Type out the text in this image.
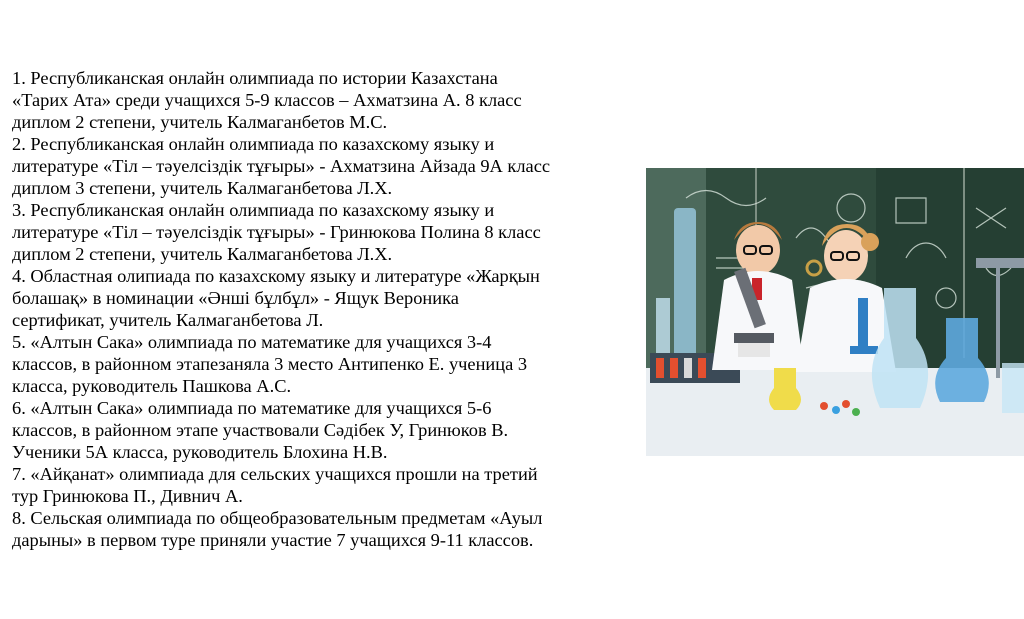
1. Республиканская онлайн олимпиада по истории Казахстана
«Тарих Ата» среди учащихся 5-9 классов – Ахматзина А. 8 класс
диплом 2 степени, учитель Калмаганбетов М.С.
2. Республиканская онлайн олимпиада по казахскому языку и
литературе «Тіл – тәуелсіздік тұғыры» - Ахматзина Айзада 9А класс
диплом 3 степени, учитель Калмаганбетова Л.Х.
3. Республиканская онлайн олимпиада по казахскому языку и
литературе «Тіл – тәуелсіздік тұғыры» - Гринюкова Полина 8 класс
диплом 2 степени, учитель Калмаганбетова Л.Х.
4. Областная олипиада по казахскому языку и литературе «Жарқын
болашақ» в номинации «Әнші бұлбұл» - Ящук Вероника
сертификат, учитель Калмаганбетова Л.
5. «Алтын Сака» олимпиада по математике для учащихся 3-4
классов, в районном этапезаняла 3 место Антипенко Е. ученица 3
класса, руководитель Пашкова А.С.
6. «Алтын Сака» олимпиада по математике для учащихся 5-6
классов, в районном этапе участвовали Сәдібек У, Гринюков В.
Ученики 5А класса, руководитель Блохина Н.В.
7. «Айқанат» олимпиада для сельских учащихся прошли на третий
тур Гринюкова П., Дивнич А.
8. Сельская олимпиада по общеобразовательным предметам «Ауыл
дарыны» в первом туре приняли участие 7 учащихся 9-11 классов.
